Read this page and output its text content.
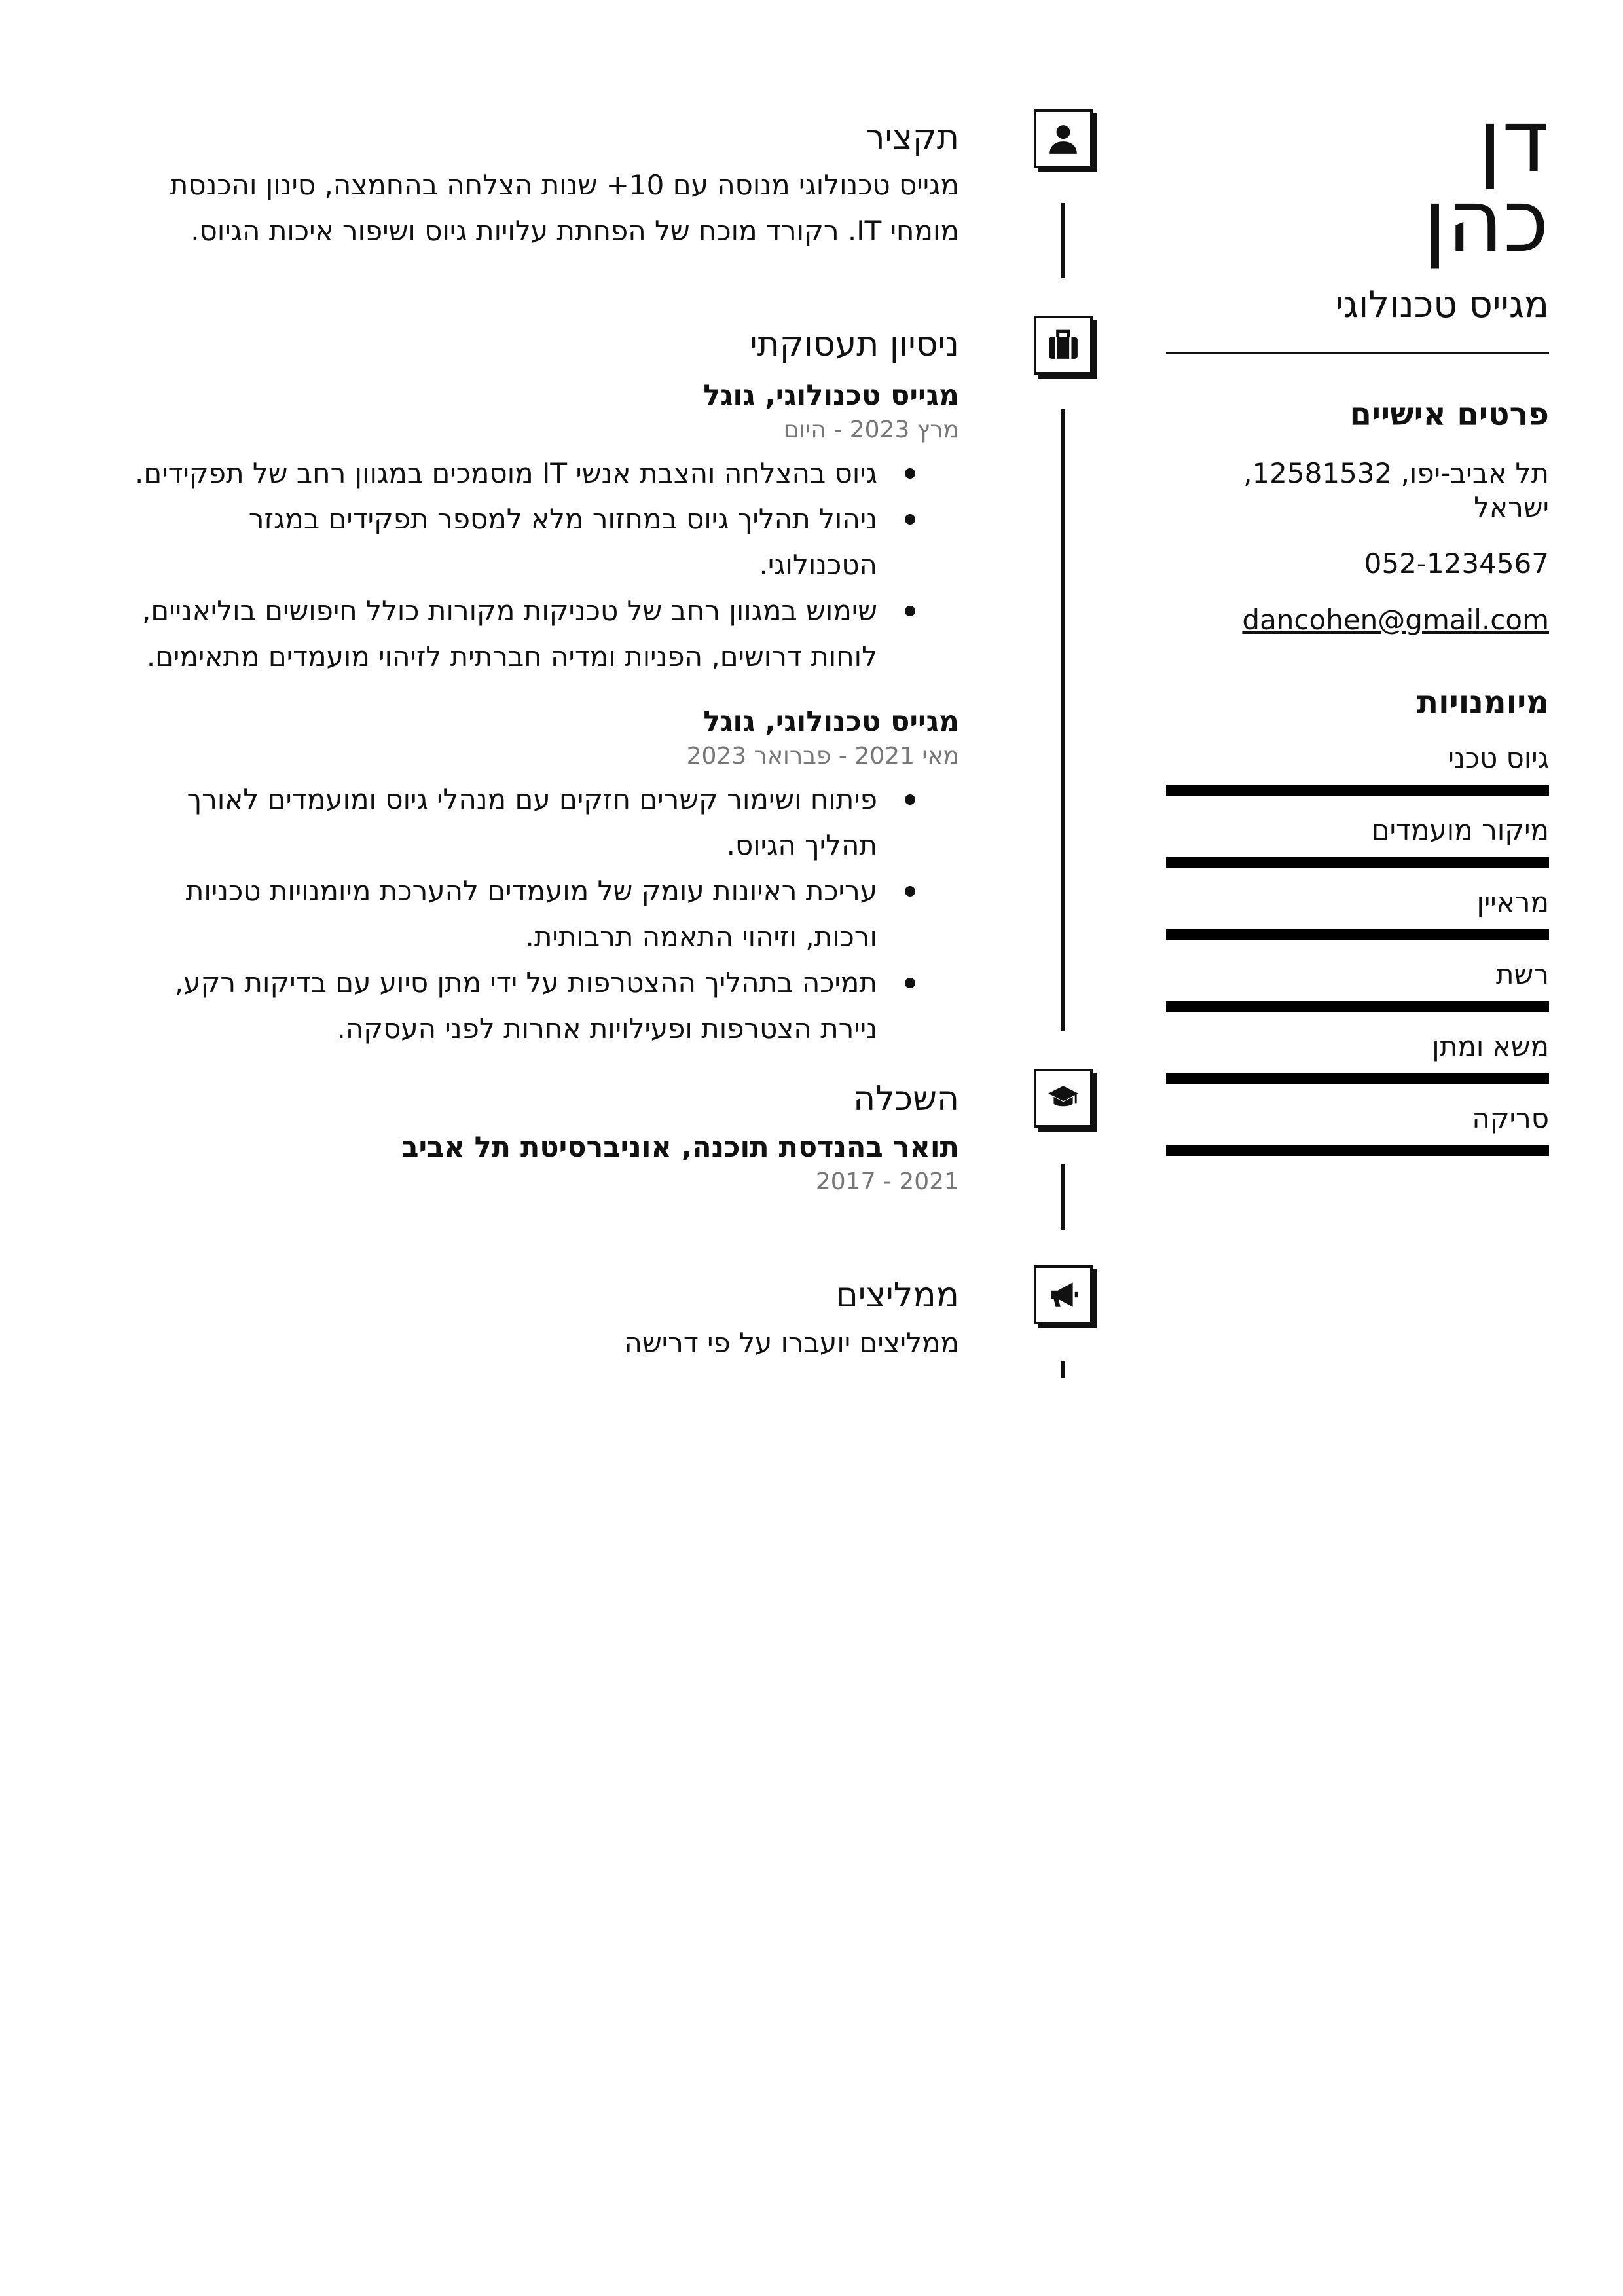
דן
כהן
מגייס טכנולוגי
פרטים אישיים
תל אביב-יפו, 12581532, ישראל
052-1234567
dancohen@gmail.com
מיומנויות
גיוס טכני
מיקור מועמדים
מראיין
רשת
משא ומתן
סריקה
תקציר
מגייס טכנולוגי מנוסה עם 10+ שנות הצלחה בהחמצה, סינון והכנסת מומחי IT. רקורד מוכח של הפחתת עלויות גיוס ושיפור איכות הגיוס.
ניסיון תעסוקתי
מגייס טכנולוגי, גוגל
מרץ 2023 - היום
גיוס בהצלחה והצבת אנשי IT מוסמכים במגוון רחב של תפקידים.
ניהול תהליך גיוס במחזור מלא למספר תפקידים במגזר הטכנולוגי.
שימוש במגוון רחב של טכניקות מקורות כולל חיפושים בוליאניים, לוחות דרושים, הפניות ומדיה חברתית לזיהוי מועמדים מתאימים.
מגייס טכנולוגי, גוגל
מאי 2021 - פברואר 2023
פיתוח ושימור קשרים חזקים עם מנהלי גיוס ומועמדים לאורך תהליך הגיוס.
עריכת ראיונות עומק של מועמדים להערכת מיומנויות טכניות ורכות, וזיהוי התאמה תרבותית.
תמיכה בתהליך ההצטרפות על ידי מתן סיוע עם בדיקות רקע, ניירת הצטרפות ופעילויות אחרות לפני העסקה.
השכלה
תואר בהנדסת תוכנה, אוניברסיטת תל אביב
2021 - 2017
ממליצים
ממליצים יועברו על פי דרישה
